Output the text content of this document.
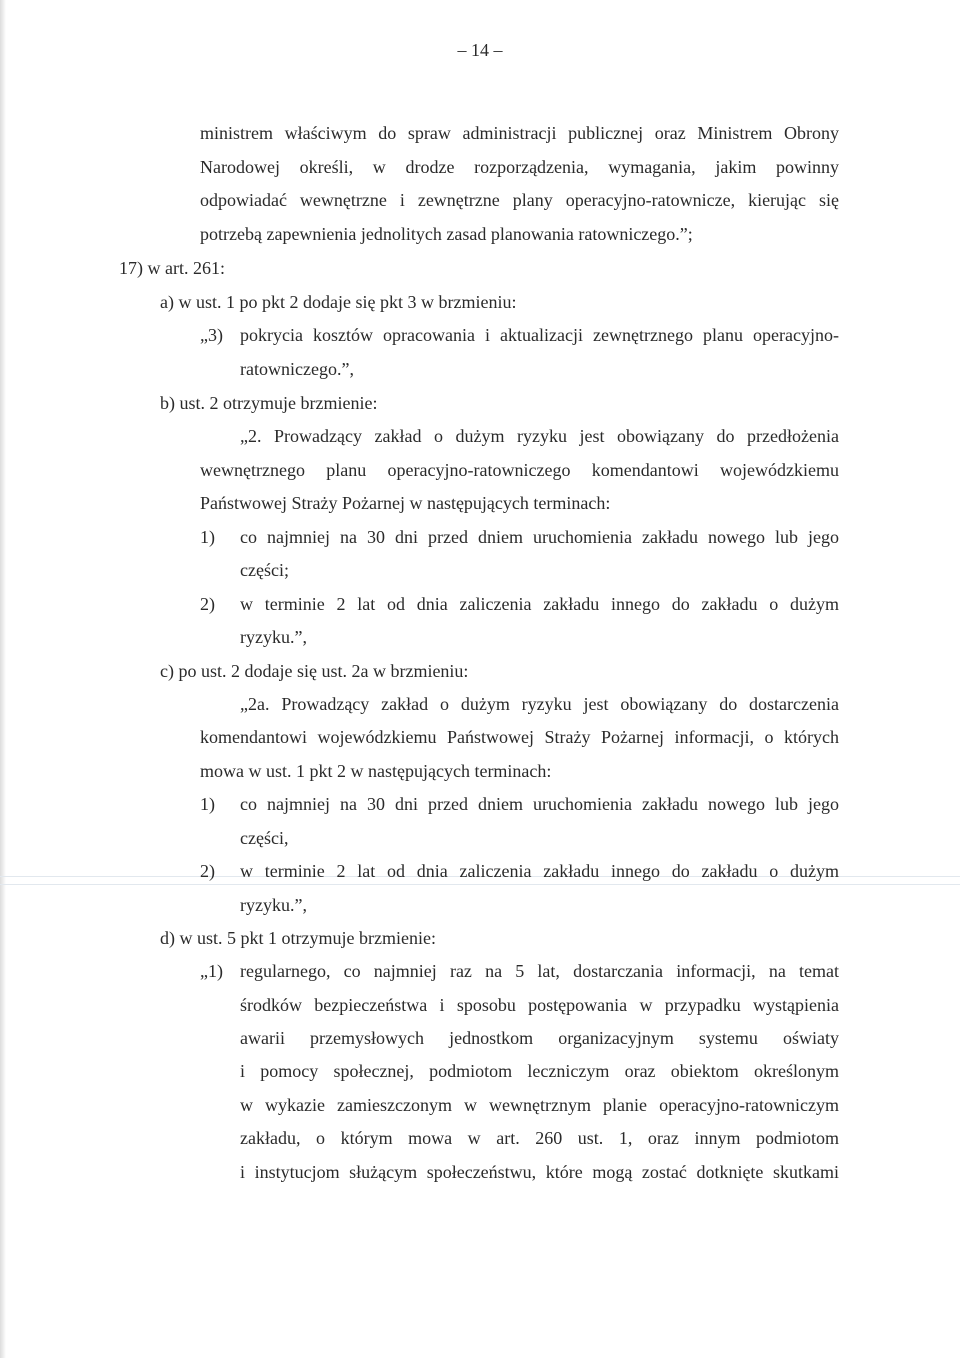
– 14 –
ministrem właściwym do spraw administracji publicznej oraz Ministrem Obrony
Narodowej określi, w drodze rozporządzenia, wymagania, jakim powinny
odpowiadać wewnętrzne i zewnętrzne plany operacyjno-ratownicze, kierując się
potrzebą zapewnienia jednolitych zasad planowania ratowniczego.”;
17) w art. 261:
a) w ust. 1 po pkt 2 dodaje się pkt 3 w brzmieniu:
„3) pokrycia kosztów opracowania i aktualizacji zewnętrznego planu operacyjno-
ratowniczego.”,
b) ust. 2 otrzymuje brzmienie:
„2. Prowadzący zakład o dużym ryzyku jest obowiązany do przedłożenia
wewnętrznego planu operacyjno-ratowniczego komendantowi wojewódzkiemu
Państwowej Straży Pożarnej w następujących terminach:
1) co najmniej na 30 dni przed dniem uruchomienia zakładu nowego lub jego
części;
2) w terminie 2 lat od dnia zaliczenia zakładu innego do zakładu o dużym
ryzyku.”,
c) po ust. 2 dodaje się ust. 2a w brzmieniu:
„2a. Prowadzący zakład o dużym ryzyku jest obowiązany do dostarczenia
komendantowi wojewódzkiemu Państwowej Straży Pożarnej informacji, o których
mowa w ust. 1 pkt 2 w następujących terminach:
1) co najmniej na 30 dni przed dniem uruchomienia zakładu nowego lub jego
części,
2) w terminie 2 lat od dnia zaliczenia zakładu innego do zakładu o dużym
ryzyku.”,
d) w ust. 5 pkt 1 otrzymuje brzmienie:
„1) regularnego, co najmniej raz na 5 lat, dostarczania informacji, na temat
środków bezpieczeństwa i sposobu postępowania w przypadku wystąpienia
awarii przemysłowych jednostkom organizacyjnym systemu oświaty
i pomocy społecznej, podmiotom leczniczym oraz obiektom określonym
w wykazie zamieszczonym w wewnętrznym planie operacyjno-ratowniczym
zakładu, o którym mowa w art. 260 ust. 1, oraz innym podmiotom
i instytucjom służącym społeczeństwu, które mogą zostać dotknięte skutkami
